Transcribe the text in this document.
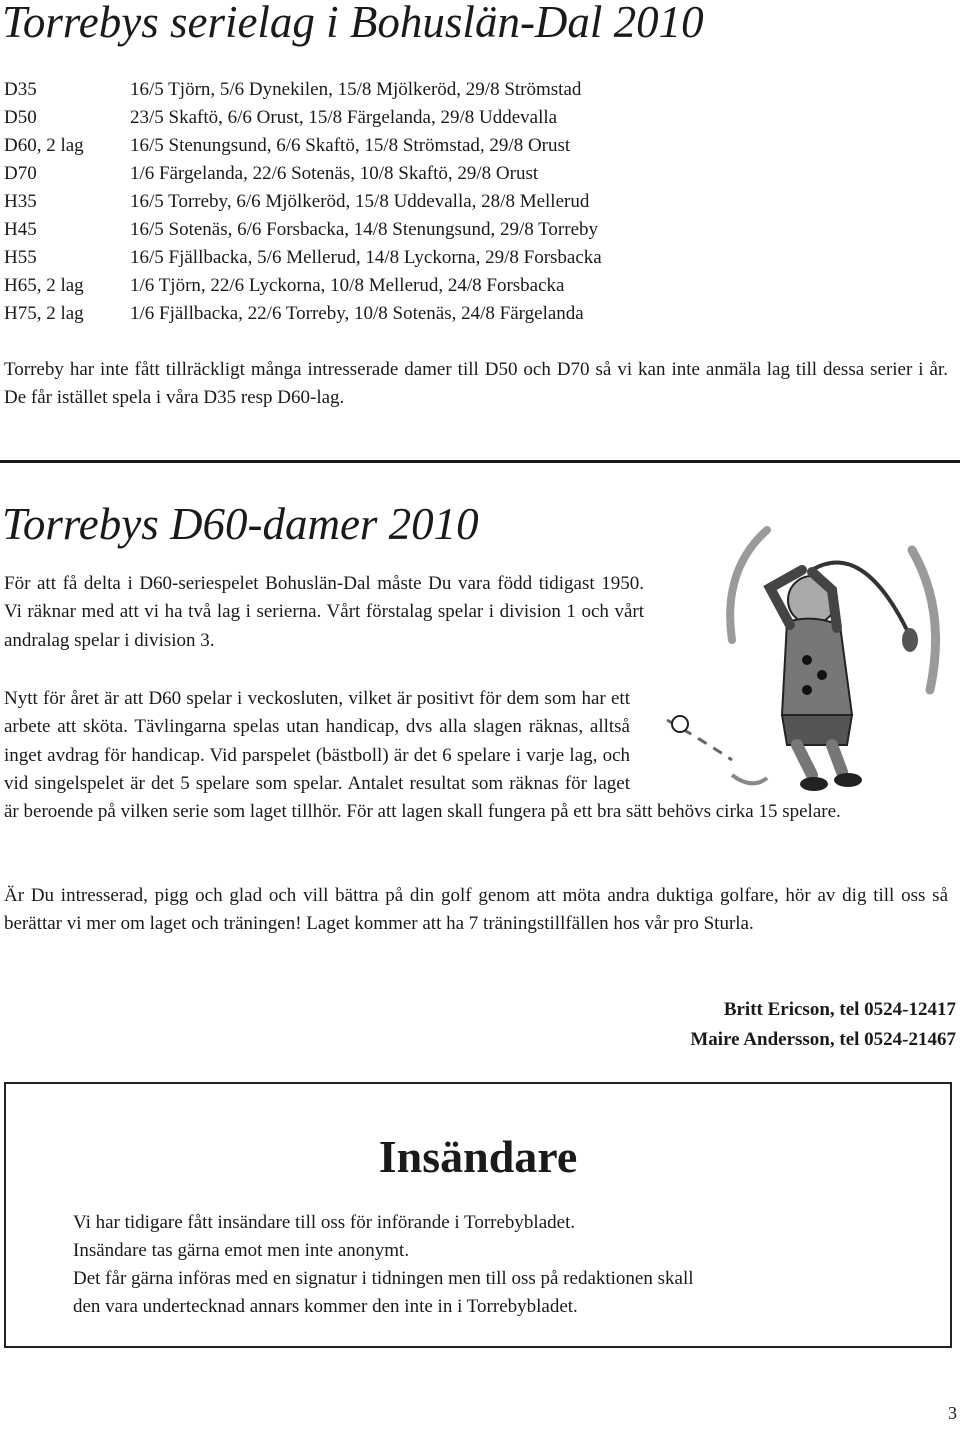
Torrebys serielag i Bohuslän-Dal 2010
D35	16/5 Tjörn, 5/6 Dynekilen, 15/8 Mjölkeröd, 29/8 Strömstad
D50	23/5 Skaftö, 6/6 Orust, 15/8 Färgelanda, 29/8 Uddevalla
D60, 2 lag	16/5 Stenungsund, 6/6 Skaftö, 15/8 Strömstad, 29/8 Orust
D70	1/6 Färgelanda, 22/6 Sotenäs, 10/8 Skaftö, 29/8 Orust
H35	16/5 Torreby, 6/6 Mjölkeröd, 15/8 Uddevalla, 28/8 Mellerud
H45	16/5 Sotenäs, 6/6 Forsbacka, 14/8 Stenungsund, 29/8 Torreby
H55	16/5 Fjällbacka, 5/6 Mellerud, 14/8 Lyckorna, 29/8 Forsbacka
H65, 2 lag	1/6 Tjörn, 22/6 Lyckorna, 10/8 Mellerud, 24/8 Forsbacka
H75, 2 lag	1/6 Fjällbacka, 22/6 Torreby, 10/8 Sotenäs, 24/8 Färgelanda

Torreby har inte fått tillräckligt många intresserade damer till D50 och D70 så vi kan inte anmäla lag till dessa serier i år. De får istället spela i våra D35 resp D60-lag.

Torrebys D60-damer 2010

För att få delta i D60-seriespelet Bohuslän-Dal måste Du vara född tidigast 1950. Vi räknar med att vi ha två lag i serierna. Vårt förstalag spelar i division 1 och vårt andralag spelar i division 3.

Nytt för året är att D60 spelar i veckosluten, vilket är positivt för dem som har ett arbete att sköta. Tävlingarna spelas utan handicap, dvs alla slagen räknas, alltså inget avdrag för handicap. Vid parspelet (bästboll) är det 6 spelare i varje lag, och vid singelspelet är det 5 spelare som spelar. Antalet resultat som räknas för laget är beroende på vilken serie som laget tillhör. För att lagen skall fungera på ett bra sätt behövs cirka 15 spelare.

Är Du intresserad, pigg och glad och vill bättra på din golf genom att möta andra duktiga golfare, hör av dig till oss så berättar vi mer om laget och träningen! Laget kommer att ha 7 träningstillfällen hos vår pro Sturla.

Britt Ericson, tel 0524-12417
Maire Andersson, tel 0524-21467
Insändare
Vi har tidigare fått insändare till oss för införande i Torrebybladet.
Insändare tas gärna emot men inte anonymt.
Det får gärna införas med en signatur i tidningen men till oss på redaktionen skall
den vara undertecknad annars kommer den inte in i Torrebybladet.
3
